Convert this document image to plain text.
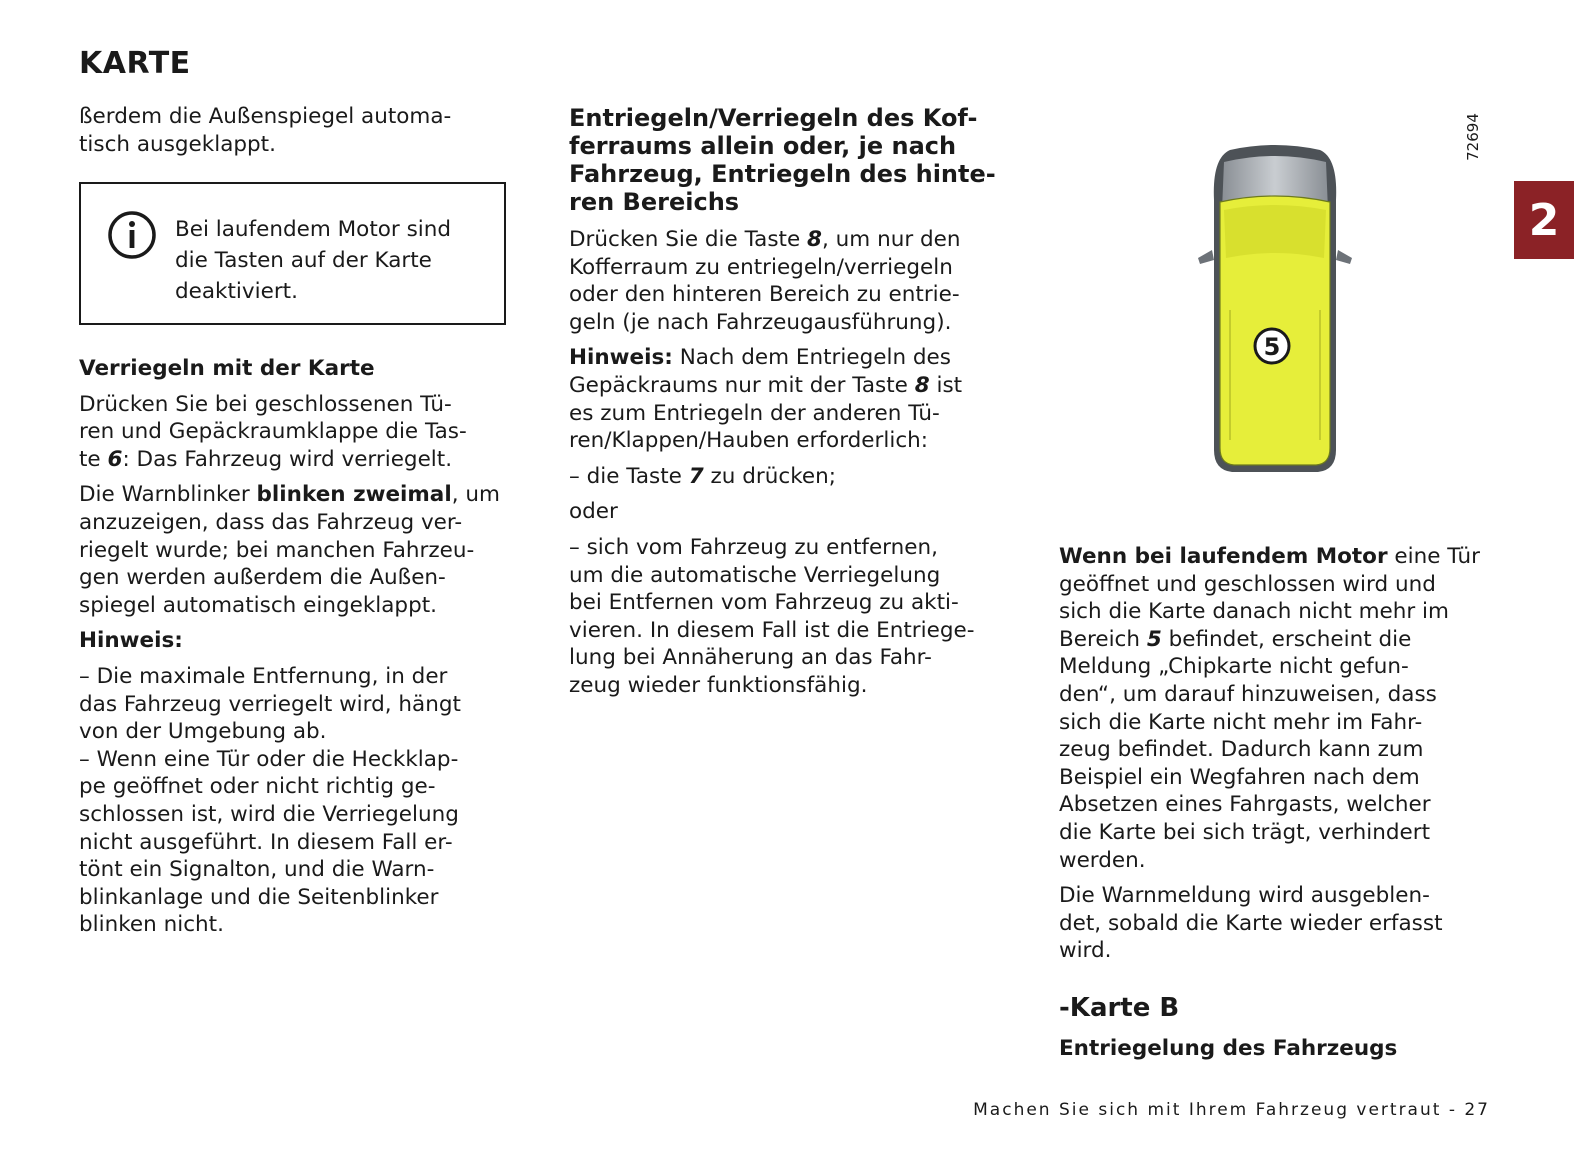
KARTE
2
ßerdem die Außenspiegel automa-
tisch ausgeklappt.
Bei laufendem Motor sind
die Tasten auf der Karte
deaktiviert.

Verriegeln mit der Karte

Drücken Sie bei geschlossenen Tü-
ren und Gepäckraumklappe die Tas-
te 6: Das Fahrzeug wird verriegelt.

Die Warnblinker blinken zweimal, um
anzuzeigen, dass das Fahrzeug ver-
riegelt wurde; bei manchen Fahrzeu-
gen werden außerdem die Außen-
spiegel automatisch eingeklappt.

Hinweis:

– Die maximale Entfernung, in der
das Fahrzeug verriegelt wird, hängt
von der Umgebung ab.
– Wenn eine Tür oder die Heckklap-
pe geöffnet oder nicht richtig ge-
schlossen ist, wird die Verriegelung
nicht ausgeführt. In diesem Fall er-
tönt ein Signalton, und die Warn-
blinkanlage und die Seitenblinker
blinken nicht.

Entriegeln/Verriegeln des Kof-
ferraums allein oder, je nach
Fahrzeug, Entriegeln des hinte-
ren Bereichs

Drücken Sie die Taste 8, um nur den
Kofferraum zu entriegeln/verriegeln
oder den hinteren Bereich zu entrie-
geln (je nach Fahrzeugausführung).

Hinweis: Nach dem Entriegeln des
Gepäckraums nur mit der Taste 8 ist
es zum Entriegeln der anderen Tü-
ren/Klappen/Hauben erforderlich:

– die Taste 7 zu drücken;

oder

– sich vom Fahrzeug zu entfernen,
um die automatische Verriegelung
bei Entfernen vom Fahrzeug zu akti-
vieren. In diesem Fall ist die Entriege-
lung bei Annäherung an das Fahr-
zeug wieder funktionsfähig.

72694
5

Wenn bei laufendem Motor eine Tür
geöffnet und geschlossen wird und
sich die Karte danach nicht mehr im
Bereich 5 befindet, erscheint die
Meldung „Chipkarte nicht gefun-
den“, um darauf hinzuweisen, dass
sich die Karte nicht mehr im Fahr-
zeug befindet. Dadurch kann zum
Beispiel ein Wegfahren nach dem
Absetzen eines Fahrgasts, welcher
die Karte bei sich trägt, verhindert
werden.

Die Warnmeldung wird ausgeblen-
det, sobald die Karte wieder erfasst
wird.

-Karte B
Entriegelung des Fahrzeugs
Machen Sie sich mit Ihrem Fahrzeug vertraut - 27
